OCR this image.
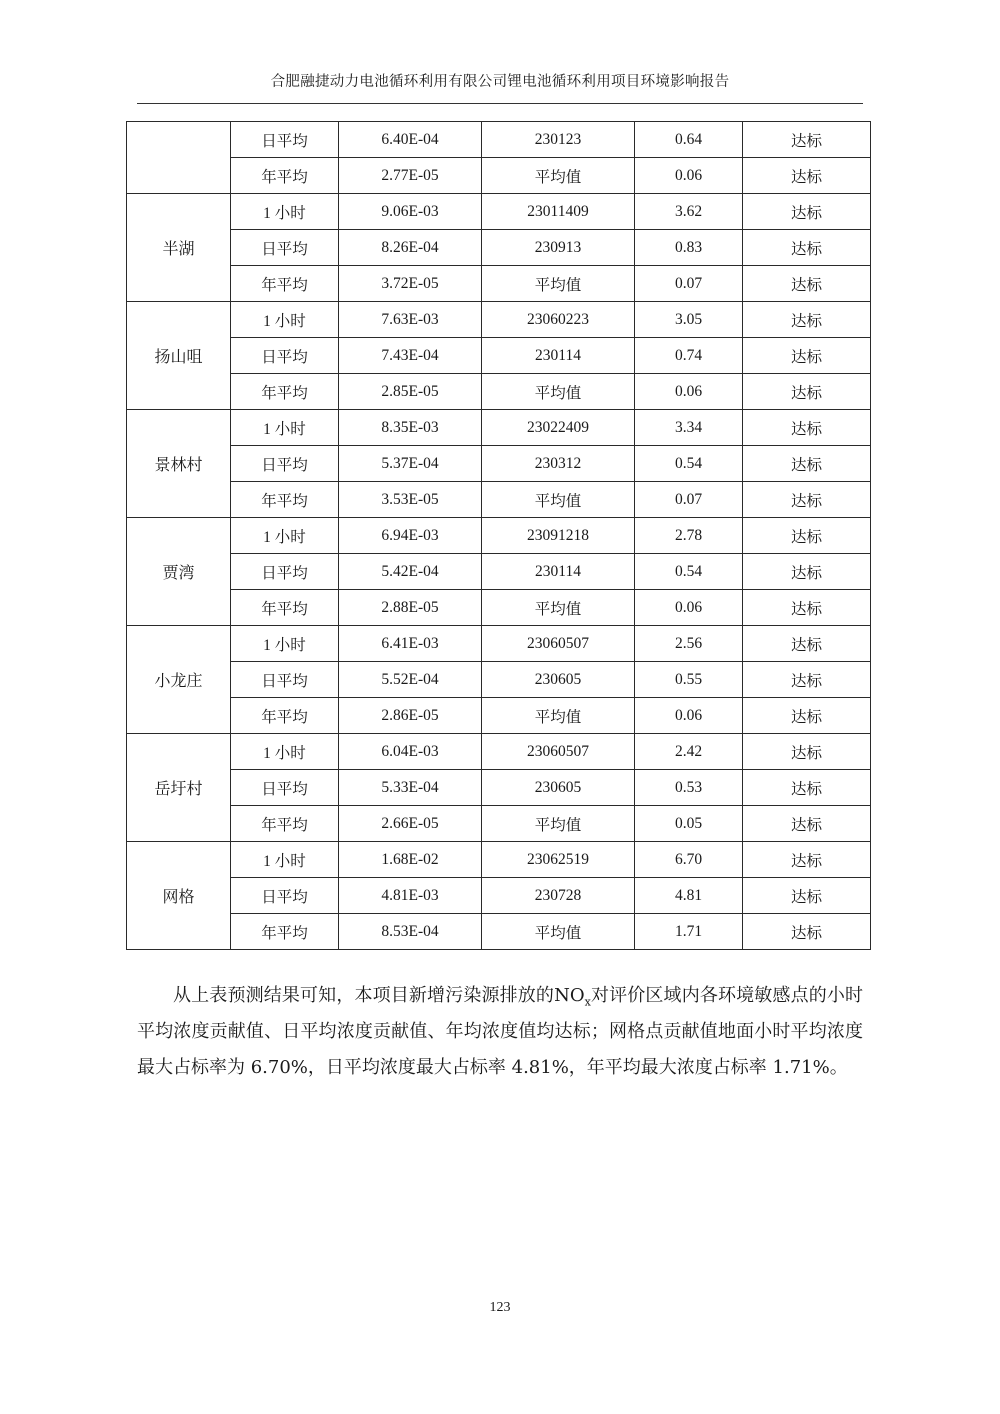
合肥融捷动力电池循环利用有限公司锂电池循环利用项目环境影响报告
	日平均	6.40E-04	230123	0.64	达标
	年平均	2.77E-05	平均值	0.06	达标
半湖	1 小时	9.06E-03	23011409	3.62	达标
	日平均	8.26E-04	230913	0.83	达标
	年平均	3.72E-05	平均值	0.07	达标
扬山咀	1 小时	7.63E-03	23060223	3.05	达标
	日平均	7.43E-04	230114	0.74	达标
	年平均	2.85E-05	平均值	0.06	达标
景林村	1 小时	8.35E-03	23022409	3.34	达标
	日平均	5.37E-04	230312	0.54	达标
	年平均	3.53E-05	平均值	0.07	达标
贾湾	1 小时	6.94E-03	23091218	2.78	达标
	日平均	5.42E-04	230114	0.54	达标
	年平均	2.88E-05	平均值	0.06	达标
小龙庄	1 小时	6.41E-03	23060507	2.56	达标
	日平均	5.52E-04	230605	0.55	达标
	年平均	2.86E-05	平均值	0.06	达标
岳圩村	1 小时	6.04E-03	23060507	2.42	达标
	日平均	5.33E-04	230605	0.53	达标
	年平均	2.66E-05	平均值	0.05	达标
网格	1 小时	1.68E-02	23062519	6.70	达标
	日平均	4.81E-03	230728	4.81	达标
	年平均	8.53E-04	平均值	1.71	达标

从上表预测结果可知，本项目新增污染源排放的$NO_x$对评价区域内各环境敏感点的小时平均浓度贡献值、日平均浓度贡献值、年均浓度值均达标；网格点贡献值地面小时平均浓度最大占标率为 6.70%，日平均浓度最大占标率 4.81%，年平均最大浓度占标率 1.71%。

123
